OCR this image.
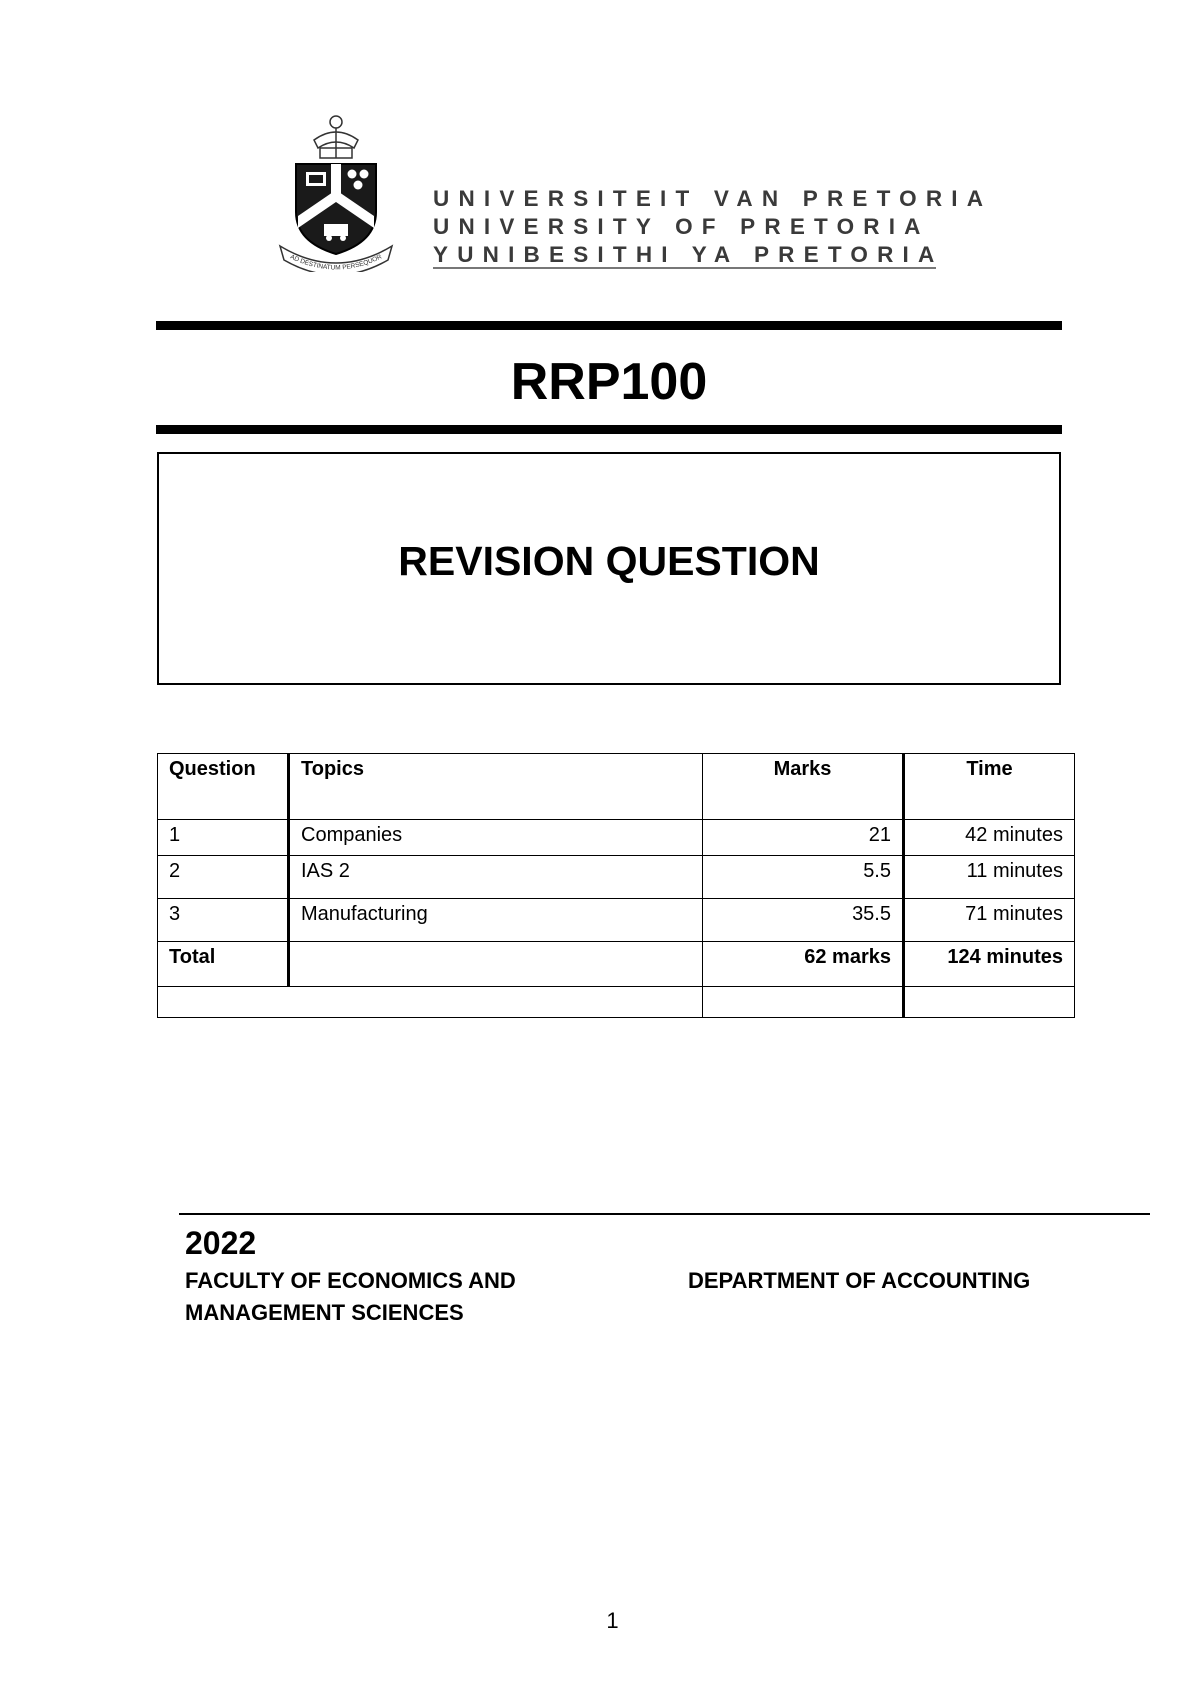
AD DESTINATUM PERSEQUOR
UNIVERSITEIT VAN PRETORIA
UNIVERSITY OF PRETORIA
YUNIBESITHI YA PRETORIA
RRP100
REVISION QUESTION
Question	Topics	Marks	Time
1	Companies	21	42 minutes
2	IAS 2	5.5	11 minutes
3	Manufacturing	35.5	71 minutes
Total		62 marks	124 minutes

2022
FACULTY OF ECONOMICS AND
MANAGEMENT SCIENCES
DEPARTMENT OF ACCOUNTING
1
